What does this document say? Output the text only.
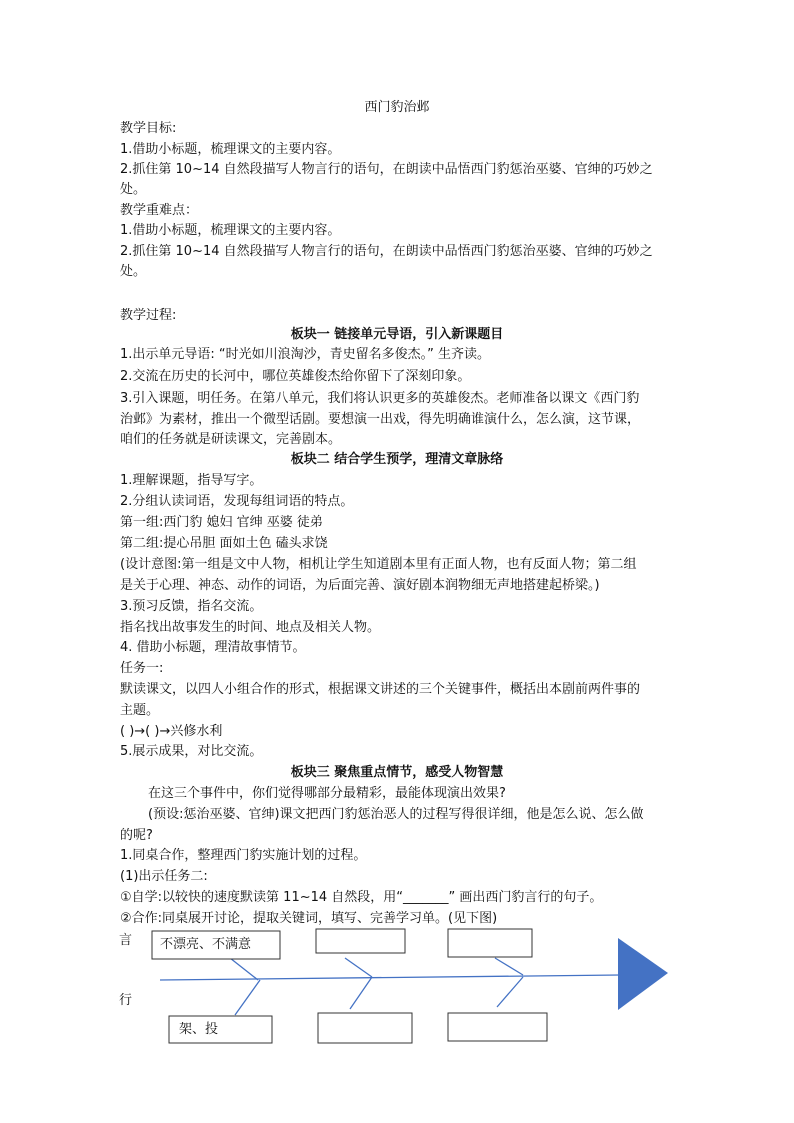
西门豹治邺
教学目标:
1.借助小标题，梳理课文的主要内容。
2.抓住第 10~14 自然段描写人物言行的语句，在朗读中品悟西门豹惩治巫婆、官绅的巧妙之
处。
教学重难点：
1.借助小标题，梳理课文的主要内容。
2.抓住第 10~14 自然段描写人物言行的语句，在朗读中品悟西门豹惩治巫婆、官绅的巧妙之
处。
教学过程:
板块一 链接单元导语，引入新课题目
1.出示单元导语: “时光如川浪淘沙，青史留名多俊杰。” 生齐读。
2.交流在历史的长河中，哪位英雄俊杰给你留下了深刻印象。
3.引入课题，明任务。在第八单元，我们将认识更多的英雄俊杰。老师准备以课文《西门豹
治邺》为素材，推出一个微型话剧。要想演一出戏，得先明确谁演什么，怎么演，这节课，
咱们的任务就是研读课文，完善剧本。
板块二 结合学生预学，理清文章脉络
1.理解课题，指导写字。
2.分组认读词语，发现每组词语的特点。
第一组:西门豹 媳妇 官绅 巫婆 徒弟
第二组:提心吊胆 面如土色 磕头求饶
(设计意图:第一组是文中人物，相机让学生知道剧本里有正面人物，也有反面人物；第二组
是关于心理、神态、动作的词语，为后面完善、演好剧本润物细无声地搭建起桥梁。)
3.预习反馈，指名交流。
指名找出故事发生的时间、地点及相关人物。
4. 借助小标题，理清故事情节。
任务一:
默读课文，以四人小组合作的形式，根据课文讲述的三个关键事件，概括出本剧前两件事的
主题。
( )→( )→兴修水利
5.展示成果，对比交流。
板块三 聚焦重点情节，感受人物智慧
在这三个事件中，你们觉得哪部分最精彩，最能体现演出效果?
(预设:惩治巫婆、官绅)课文把西门豹惩治恶人的过程写得很详细，他是怎么说、怎么做
的呢?
1.同桌合作，整理西门豹实施计划的过程。
(1)出示任务二:
①自学:以较快的速度默读第 11~14 自然段，用“_______” 画出西门豹言行的句子。
②合作:同桌展开讨论，提取关键词，填写、完善学习单。(见下图)
言
行
不漂亮、不满意
架、投
